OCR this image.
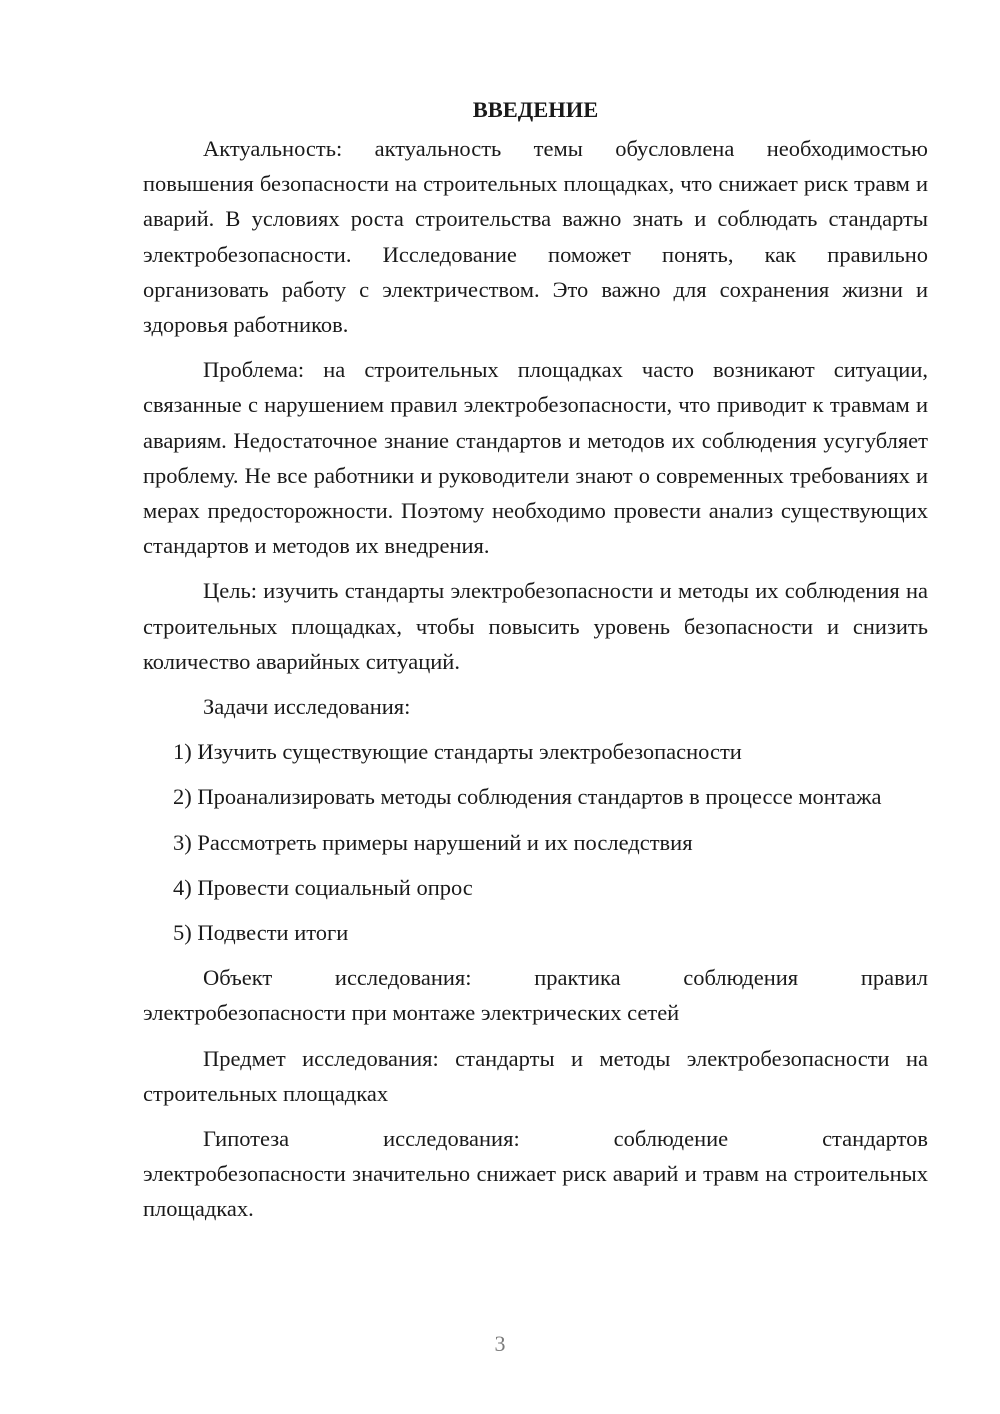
ВВЕДЕНИЕ

Актуальность: актуальность темы обусловлена необходимостью повышения безопасности на строительных площадках, что снижает риск травм и аварий. В условиях роста строительства важно знать и соблюдать стандарты электробезопасности. Исследование поможет понять, как правильно организовать работу с электричеством. Это важно для сохранения жизни и здоровья работников.

Проблема: на строительных площадках часто возникают ситуации, связанные с нарушением правил электробезопасности, что приводит к травмам и авариям. Недостаточное знание стандартов и методов их соблюдения усугубляет проблему. Не все работники и руководители знают о современных требованиях и мерах предосторожности. Поэтому необходимо провести анализ существующих стандартов и методов их внедрения.

Цель: изучить стандарты электробезопасности и методы их соблюдения на строительных площадках, чтобы повысить уровень безопасности и снизить количество аварийных ситуаций.

Задачи исследования:

1) Изучить существующие стандарты электробезопасности

2) Проанализировать методы соблюдения стандартов в процессе монтажа

3) Рассмотреть примеры нарушений и их последствия

4) Провести социальный опрос

5) Подвести итоги

Объект исследования: практика соблюдения правил

электробезопасности при монтаже электрических сетей

Предмет исследования: стандарты и методы электробезопасности на строительных площадках

Гипотеза исследования: соблюдение стандартов

электробезопасности значительно снижает риск аварий и травм на строительных площадках.

3
